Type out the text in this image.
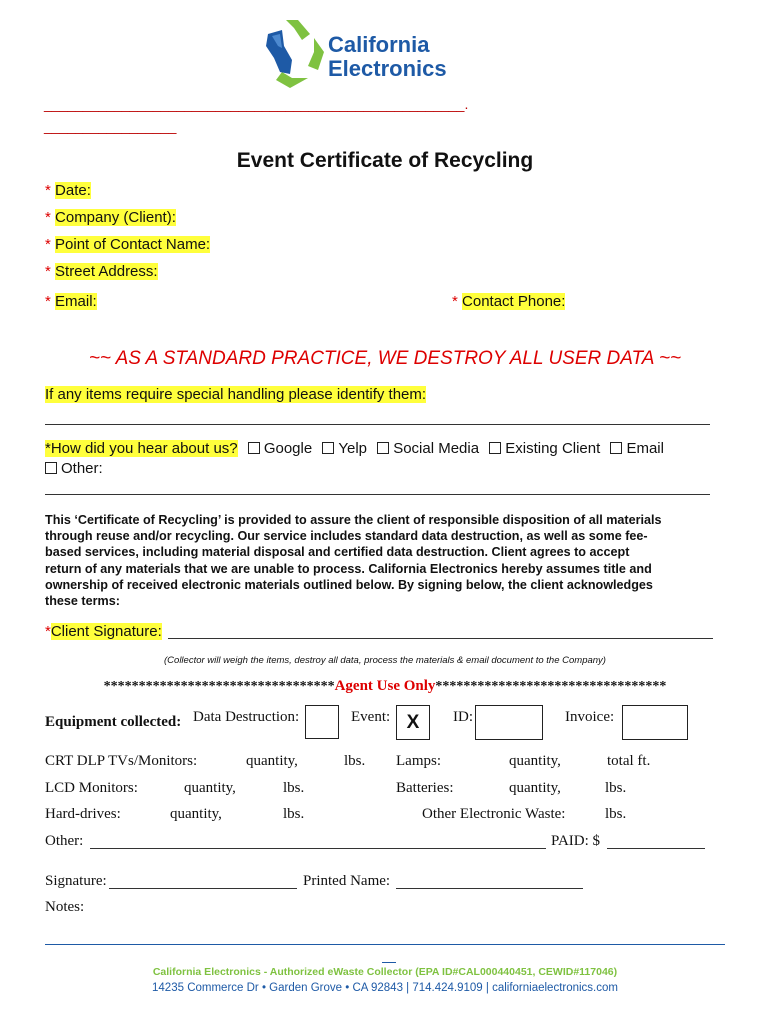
California
Electronics
______________________________________________________.
_________________
Event Certificate of Recycling
* Date:
* Company (Client):
* Point of Contact Name:
* Street Address:
* Email:	* Contact Phone:
~~ AS A STANDARD PRACTICE, WE DESTROY ALL USER DATA ~~
If any items require special handling please identify them:
*How did you hear about us? Google Yelp Social Media Existing Client Email
Other:
This ‘Certificate of Recycling’ is provided to assure the client of responsible disposition of all materials
through reuse and/or recycling. Our service includes standard data destruction, as well as some fee-
based services, including material disposal and certified data destruction. Client agrees to accept
return of any materials that we are unable to process. California Electronics hereby assumes title and
ownership of received electronic materials outlined below. By signing below, the client acknowledges
these terms:
*Client Signature:
(Collector will weigh the items, destroy all data, process the materials & email document to the Company)
*********************************Agent Use Only*********************************
Equipment collected: Data Destruction:	Event: X	ID:	Invoice:
CRT DLP TVs/Monitors:	quantity,	lbs. Lamps:	quantity,	total ft.
LCD Monitors:	quantity,	lbs.	Batteries:	quantity,	lbs.
Hard-drives:	quantity,	lbs.	Other Electronic Waste:	lbs.
Other:	PAID: $
Signature:	Printed Name:
Notes:
California Electronics - Authorized eWaste Collector (EPA ID#CAL000440451, CEWID#117046)
14235 Commerce Dr • Garden Grove • CA 92843 | 714.424.9109 | californiaelectronics.com
